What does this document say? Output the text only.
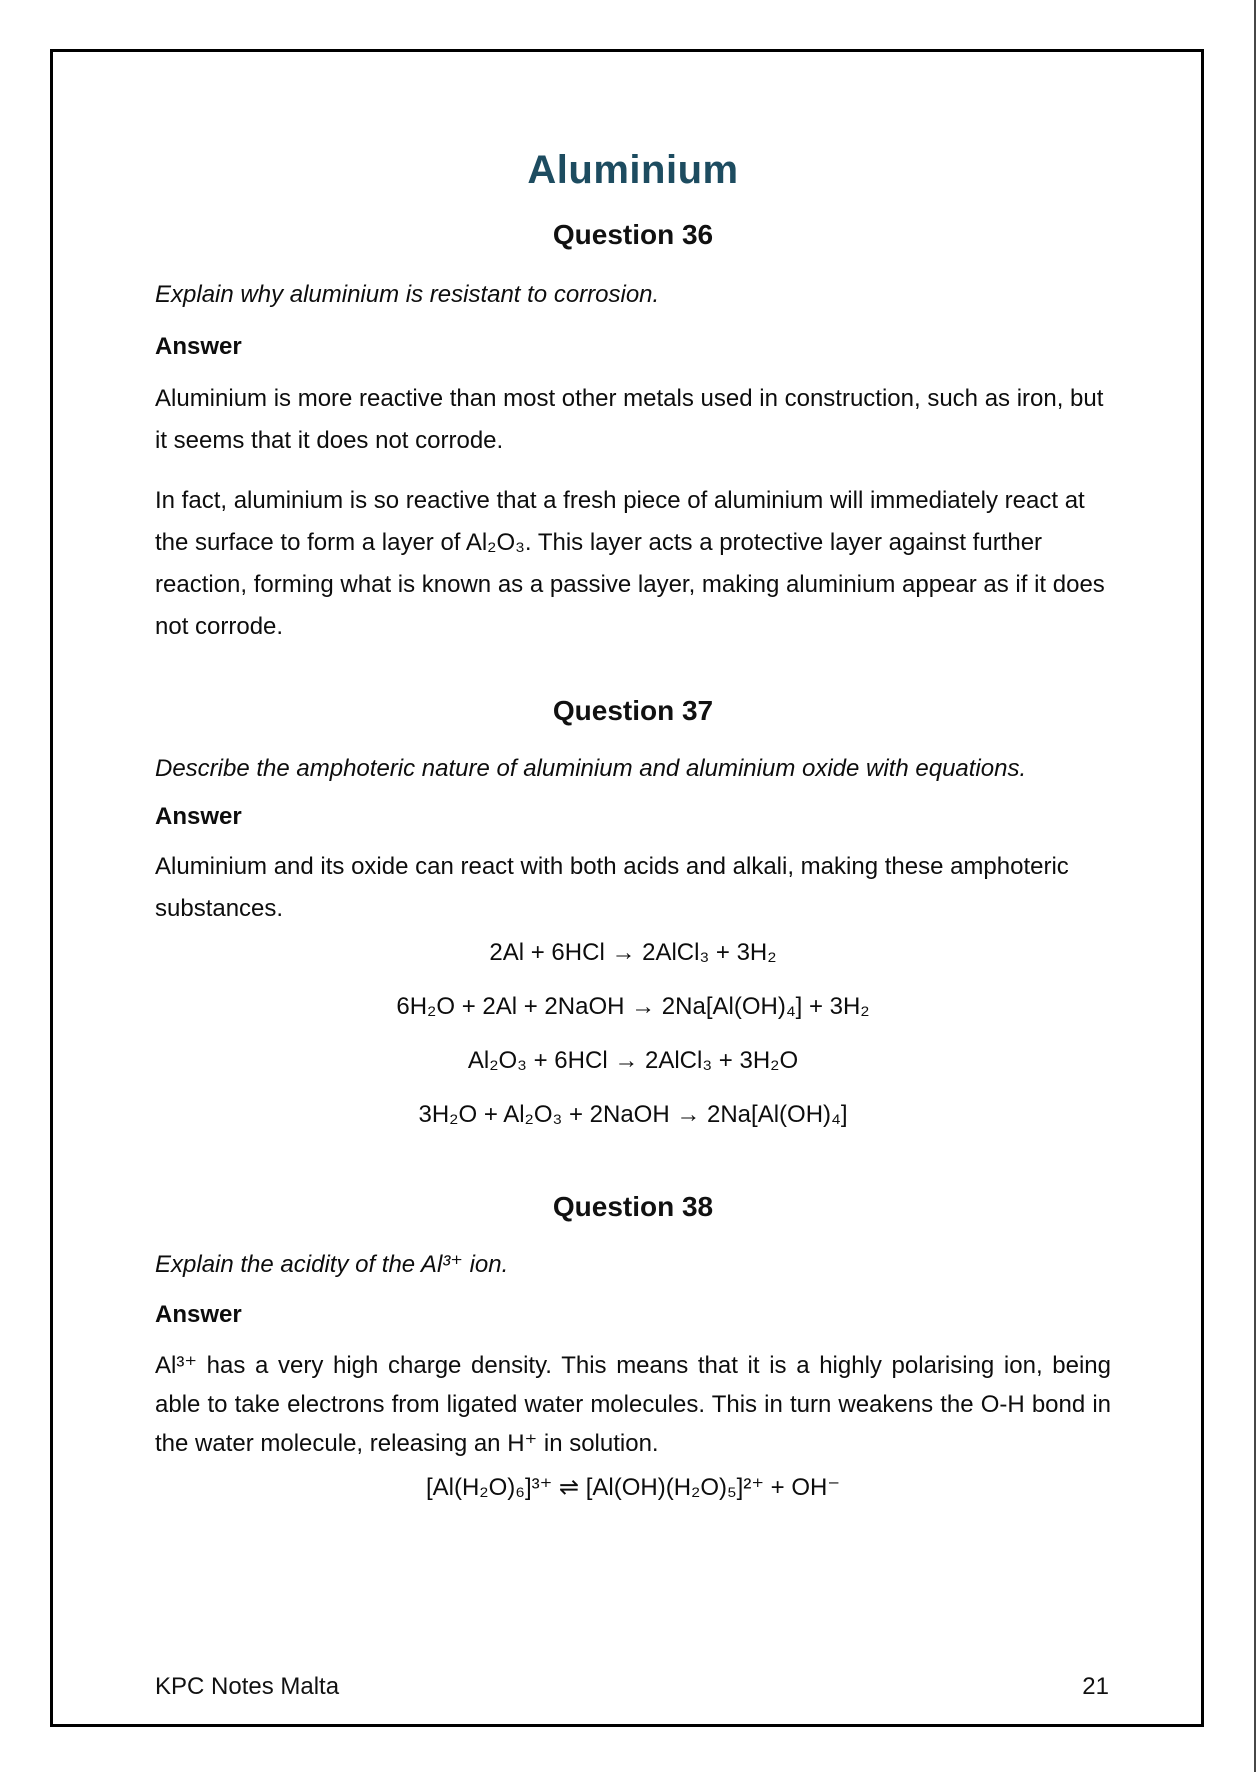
Aluminium
Question 36
Explain why aluminium is resistant to corrosion.
Answer
Aluminium is more reactive than most other metals used in construction, such as iron, but it seems that it does not corrode.
In fact, aluminium is so reactive that a fresh piece of aluminium will immediately react at the surface to form a layer of Al₂O₃. This layer acts a protective layer against further reaction, forming what is known as a passive layer, making aluminium appear as if it does not corrode.
Question 37
Describe the amphoteric nature of aluminium and aluminium oxide with equations.
Answer
Aluminium and its oxide can react with both acids and alkali, making these amphoteric substances.
2Al + 6HCl → 2AlCl₃ + 3H₂
6H₂O + 2Al + 2NaOH → 2Na[Al(OH)₄] + 3H₂
Al₂O₃ + 6HCl → 2AlCl₃ + 3H₂O
3H₂O + Al₂O₃ + 2NaOH → 2Na[Al(OH)₄]
Question 38
Explain the acidity of the Al³⁺ ion.
Answer
Al³⁺ has a very high charge density. This means that it is a highly polarising ion, being able to take electrons from ligated water molecules. This in turn weakens the O-H bond in the water molecule, releasing an H⁺ in solution.
[Al(H₂O)₆]³⁺ ⇌ [Al(OH)(H₂O)₅]²⁺ + OH⁻
KPC Notes Malta	21
